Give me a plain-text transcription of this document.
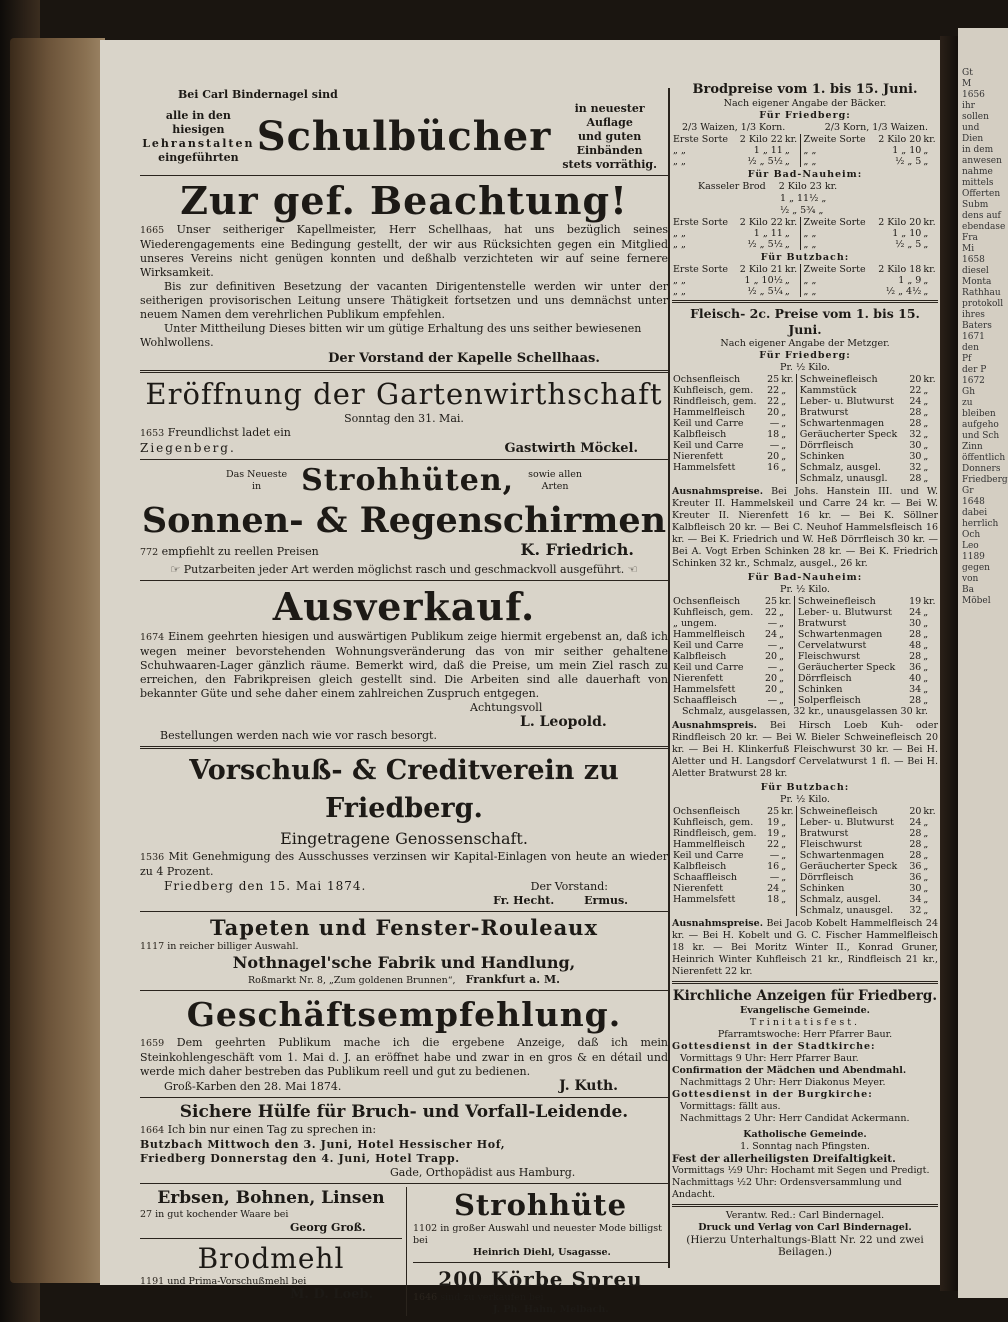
Bei Carl Bindernagel sind

alle in den hiesigen
Lehranstalten
eingeführten Schulbücher
in neuester Auflage
und guten Einbänden
stets vorräthig.
Zur gef. Beachtung!

1665 Unser seitheriger Kapellmeister, Herr Schellhaas, hat uns bezüglich seines Wiederengagements eine Bedingung gestellt, der wir aus Rücksichten gegen ein Mitglied unseres Vereins nicht genügen konnten und deßhalb verzichteten wir auf seine fernere Wirksamkeit.

Bis zur definitiven Besetzung der vacanten Dirigentenstelle werden wir unter der seitherigen provisorischen Leitung unsere Thätigkeit fortsetzen und uns demnächst unter neuem Namen dem verehrlichen Publikum empfehlen.

Unter Mittheilung Dieses bitten wir um gütige Erhaltung des uns seither bewiesenen Wohlwollens.

Der Vorstand der Kapelle Schellhaas.

Eröffnung der Gartenwirthschaft

Sonntag den 31. Mai.

1653 Freundlichst ladet ein

Ziegenberg.	Gastwirth Möckel.
Das Neueste
in	Strohhüten, sowie allen
Arten
Sonnen- & Regenschirmen
772 empfiehlt zu reellen Preisen	K. Friedrich.

☞ Putzarbeiten jeder Art werden möglichst rasch und geschmackvoll ausgeführt. ☜

Ausverkauf.

1674 Einem geehrten hiesigen und auswärtigen Publikum zeige hiermit ergebenst an, daß ich wegen meiner bevorstehenden Wohnungsveränderung das von mir seither gehaltene Schuhwaaren-Lager gänzlich räume. Bemerkt wird, daß die Preise, um mein Ziel rasch zu erreichen, den Fabrikpreisen gleich gestellt sind. Die Arbeiten sind alle dauerhaft von bekannter Güte und sehe daher einem zahlreichen Zuspruch entgegen.

Achtungsvoll

L. Leopold.

Bestellungen werden nach wie vor rasch besorgt.

Vorschuß- & Creditverein zu Friedberg.

Eingetragene Genossenschaft.

1536 Mit Genehmigung des Ausschusses verzinsen wir Kapital-Einlagen von heute an wieder zu 4 Prozent.

Friedberg den 15. Mai 1874.	Der Vorstand:
Fr. Hecht.	Ermus.
Tapeten und Fenster-Rouleaux

1117 in reicher billiger Auswahl.

Nothnagel'sche Fabrik und Handlung,

Roßmarkt Nr. 8, „Zum goldenen Brunnen“, Frankfurt a. M.
Geschäftsempfehlung.

1659 Dem geehrten Publikum mache ich die ergebene Anzeige, daß ich mein Steinkohlengeschäft vom 1. Mai d. J. an eröffnet habe und zwar in en gros & en détail und werde mich daher bestreben das Publikum reell und gut zu bedienen.

Groß-Karben den 28. Mai 1874.	J. Kuth.
Sichere Hülfe für Bruch- und Vorfall-Leidende.

1664 Ich bin nur einen Tag zu sprechen in:

Butzbach Mittwoch den 3. Juni, Hotel Hessischer Hof,

Friedberg Donnerstag den 4. Juni, Hotel Trapp.

Gade, Orthopädist aus Hamburg.

Erbsen, Bohnen, Linsen

27 in gut kochender Waare bei

Georg Groß.

Brodmehl

1191 und Prima-Vorschußmehl bei

M. D. Loeb.

Strohhüte

1102 in großer Auswahl und neuester Mode billigst bei

Heinrich Diehl, Usagasse.

200 Körbe Spreu

1646 sind zu verkaufen bei

J. Ph. Hahn, Melbach.

Brodpreise vom 1. bis 15. Juni.

Nach eigener Angabe der Bäcker.

Für Friedberg:

2/3 Waizen, 1/3 Korn.	2/3 Korn, 1/3 Waizen.
Erste Sorte	2 Kilo 22	kr.	Zweite Sorte	2 Kilo 20	kr.
„ „	1 „ 11	„	„ „	1 „ 10	„
„ „	½ „ 5½	„	„ „	½ „ 5	„

Für Bad-Nauheim:

Kasseler Brod 2 Kilo 23 kr.
1 „ 11½ „
½ „ 5¾ „
Erste Sorte	2 Kilo 22	kr.	Zweite Sorte	2 Kilo 20	kr.
„ „	1 „ 11	„	„ „	1 „ 10	„
„ „	½ „ 5½	„	„ „	½ „ 5	„

Für Butzbach:

Erste Sorte	2 Kilo 21	kr.	Zweite Sorte	2 Kilo 18	kr.
„ „	1 „ 10½	„	„ „	1 „ 9	„
„ „	½ „ 5¼	„	„ „	½ „ 4½	„

Fleisch- 2c. Preise vom 1. bis 15. Juni.

Nach eigener Angabe der Metzger.

Für Friedberg:

Pr. ½ Kilo.

Ochsenfleisch	25	kr.	Schweinefleisch	20	kr.
Kuhfleisch, gem.	22	„	Kammstück	22	„
Rindfleisch, gem.	22	„	Leber- u. Blutwurst	24	„
Hammelfleisch	20	„	Bratwurst	28	„
Keil und Carre	—	„	Schwartenmagen	28	„
Kalbfleisch	18	„	Geräucherter Speck	32	„
Keil und Carre	—	„	Dörrfleisch	30	„
Nierenfett	20	„	Schinken	30	„
Hammelsfett	16	„	Schmalz, ausgel.	32	„
			Schmalz, unausgl.	28	„

Ausnahmspreise. Bei Johs. Hanstein III. und W. Kreuter II. Hammelskeil und Carre 24 kr. — Bei W. Kreuter II. Nierenfett 16 kr. — Bei K. Söllner Kalbfleisch 20 kr. — Bei C. Neuhof Hammelsfleisch 16 kr. — Bei K. Friedrich und W. Heß Dörrfleisch 30 kr. — Bei A. Vogt Erben Schinken 28 kr. — Bei K. Friedrich Schinken 32 kr., Schmalz, ausgel., 26 kr.

Für Bad-Nauheim:

Pr. ½ Kilo.

Ochsenfleisch	25	kr.	Schweinefleisch	19	kr.
Kuhfleisch, gem.	22	„	Leber- u. Blutwurst	24	„
„ ungem.	—	„	Bratwurst	30	„
Hammelfleisch	24	„	Schwartenmagen	28	„
Keil und Carre	—	„	Cervelatwurst	48	„
Kalbfleisch	20	„	Fleischwurst	28	„
Keil und Carre	—	„	Geräucherter Speck	36	„
Nierenfett	20	„	Dörrfleisch	40	„
Hammelsfett	20	„	Schinken	34	„
Schaaffleisch	—	„	Solperfleisch	28	„

Schmalz, ausgelassen, 32 kr., unausgelassen 30 kr.

Ausnahmspreis. Bei Hirsch Loeb Kuh- oder Rindfleisch 20 kr. — Bei W. Bieler Schweinefleisch 20 kr. — Bei H. Klinkerfuß Fleischwurst 30 kr. — Bei H. Aletter und H. Langsdorf Cervelatwurst 1 fl. — Bei H. Aletter Bratwurst 28 kr.

Für Butzbach:

Pr. ½ Kilo.

Ochsenfleisch	25	kr.	Schweinefleisch	20	kr.
Kuhfleisch, gem.	19	„	Leber- u. Blutwurst	24	„
Rindfleisch, gem.	19	„	Bratwurst	28	„
Hammelfleisch	22	„	Fleischwurst	28	„
Keil und Carre	—	„	Schwartenmagen	28	„
Kalbfleisch	16	„	Geräucherter Speck	36	„
Schaaffleisch	—	„	Dörrfleisch	36	„
Nierenfett	24	„	Schinken	30	„
Hammelsfett	18	„	Schmalz, ausgel.	34	„
			Schmalz, unausgel.	32	„

Ausnahmspreise. Bei Jacob Kobelt Hammelfleisch 24 kr. — Bei H. Kobelt und G. C. Fischer Hammelfleisch 18 kr. — Bei Moritz Winter II., Konrad Gruner, Heinrich Winter Kuhfleisch 21 kr., Rindfleisch 21 kr., Nierenfett 22 kr.

Kirchliche Anzeigen für Friedberg.

Evangelische Gemeinde.

Trinitatisfest.

Pfarramtswoche: Herr Pfarrer Baur.

Gottesdienst in der Stadtkirche:

Vormittags 9 Uhr: Herr Pfarrer Baur.

Confirmation der Mädchen und Abendmahl.

Nachmittags 2 Uhr: Herr Diakonus Meyer.

Gottesdienst in der Burgkirche:

Vormittags: fällt aus.

Nachmittags 2 Uhr: Herr Candidat Ackermann.

Katholische Gemeinde.

1. Sonntag nach Pfingsten.

Fest der allerheiligsten Dreifaltigkeit.

Vormittags ½9 Uhr: Hochamt mit Segen und Predigt.

Nachmittags ½2 Uhr: Ordensversammlung und Andacht.

Verantw. Red.: Carl Bindernagel.

Druck und Verlag von Carl Bindernagel.

(Hierzu Unterhaltungs-Blatt Nr. 22 und zwei Beilagen.)

Gt
M
1656
ihr
sollen
und
Dien
in dem
anwesen
nahme
mittels
Offerten
Subm
dens auf
ebendase
Fra
Mi
1658
diesel
Monta
Rathhau
protokoll
ihres
Baters
1671
den
Pf
der P
1672
Gh
zu bleiben
aufgeho
und Sch
Zinn
öffentlich
Donners
Friedberg
Gr
1648
dabei
herrlich
Och
Leo
1189
gegen
von
Ba
Möbel
